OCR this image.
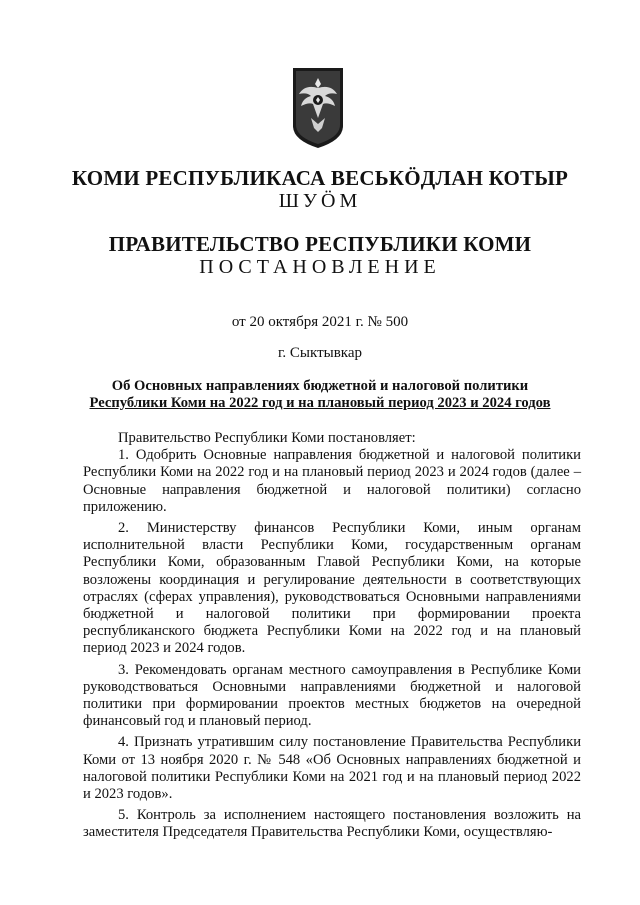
КОМИ РЕСПУБЛИКАСА ВЕСЬКÖДЛАН КОТЫР
ШУÖМ
ПРАВИТЕЛЬСТВО РЕСПУБЛИКИ КОМИ
ПОСТАНОВЛЕНИЕ
от 20 октября 2021 г. № 500
г. Сыктывкар
Об Основных направлениях бюджетной и налоговой политики
Республики Коми на 2022 год и на плановый период 2023 и 2024 годов

Правительство Республики Коми постановляет:

1. Одобрить Основные направления бюджетной и налоговой политики Республики Коми на 2022 год и на плановый период 2023 и 2024 годов (далее – Основные направления бюджетной и налоговой политики) согласно приложению.

2. Министерству финансов Республики Коми, иным органам исполнительной власти Республики Коми, государственным органам Республики Коми, образованным Главой Республики Коми, на которые возложены координация и регулирование деятельности в соответствующих отраслях (сферах управления), руководствоваться Основными направлениями бюджетной и налоговой политики при формировании проекта республиканского бюджета Республики Коми на 2022 год и на плановый период 2023 и 2024 годов.

3. Рекомендовать органам местного самоуправления в Республике Коми руководствоваться Основными направлениями бюджетной и налоговой политики при формировании проектов местных бюджетов на очередной финансовый год и плановый период.

4. Признать утратившим силу постановление Правительства Республики Коми от 13 ноября 2020 г. № 548 «Об Основных направлениях бюджетной и налоговой политики Республики Коми на 2021 год и на плановый период 2022 и 2023 годов».

5. Контроль за исполнением настоящего постановления возложить на заместителя Председателя Правительства Республики Коми, осуществляю-
